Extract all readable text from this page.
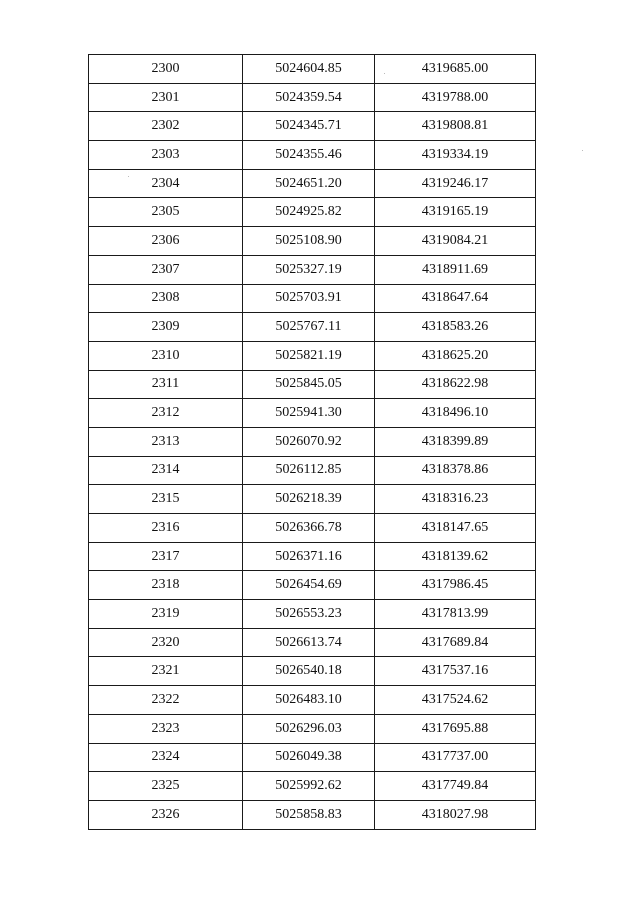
2300	5024604.85	4319685.00
2301	5024359.54	4319788.00
2302	5024345.71	4319808.81
2303	5024355.46	4319334.19
2304	5024651.20	4319246.17
2305	5024925.82	4319165.19
2306	5025108.90	4319084.21
2307	5025327.19	4318911.69
2308	5025703.91	4318647.64
2309	5025767.11	4318583.26
2310	5025821.19	4318625.20
2311	5025845.05	4318622.98
2312	5025941.30	4318496.10
2313	5026070.92	4318399.89
2314	5026112.85	4318378.86
2315	5026218.39	4318316.23
2316	5026366.78	4318147.65
2317	5026371.16	4318139.62
2318	5026454.69	4317986.45
2319	5026553.23	4317813.99
2320	5026613.74	4317689.84
2321	5026540.18	4317537.16
2322	5026483.10	4317524.62
2323	5026296.03	4317695.88
2324	5026049.38	4317737.00
2325	5025992.62	4317749.84
2326	5025858.83	4318027.98
